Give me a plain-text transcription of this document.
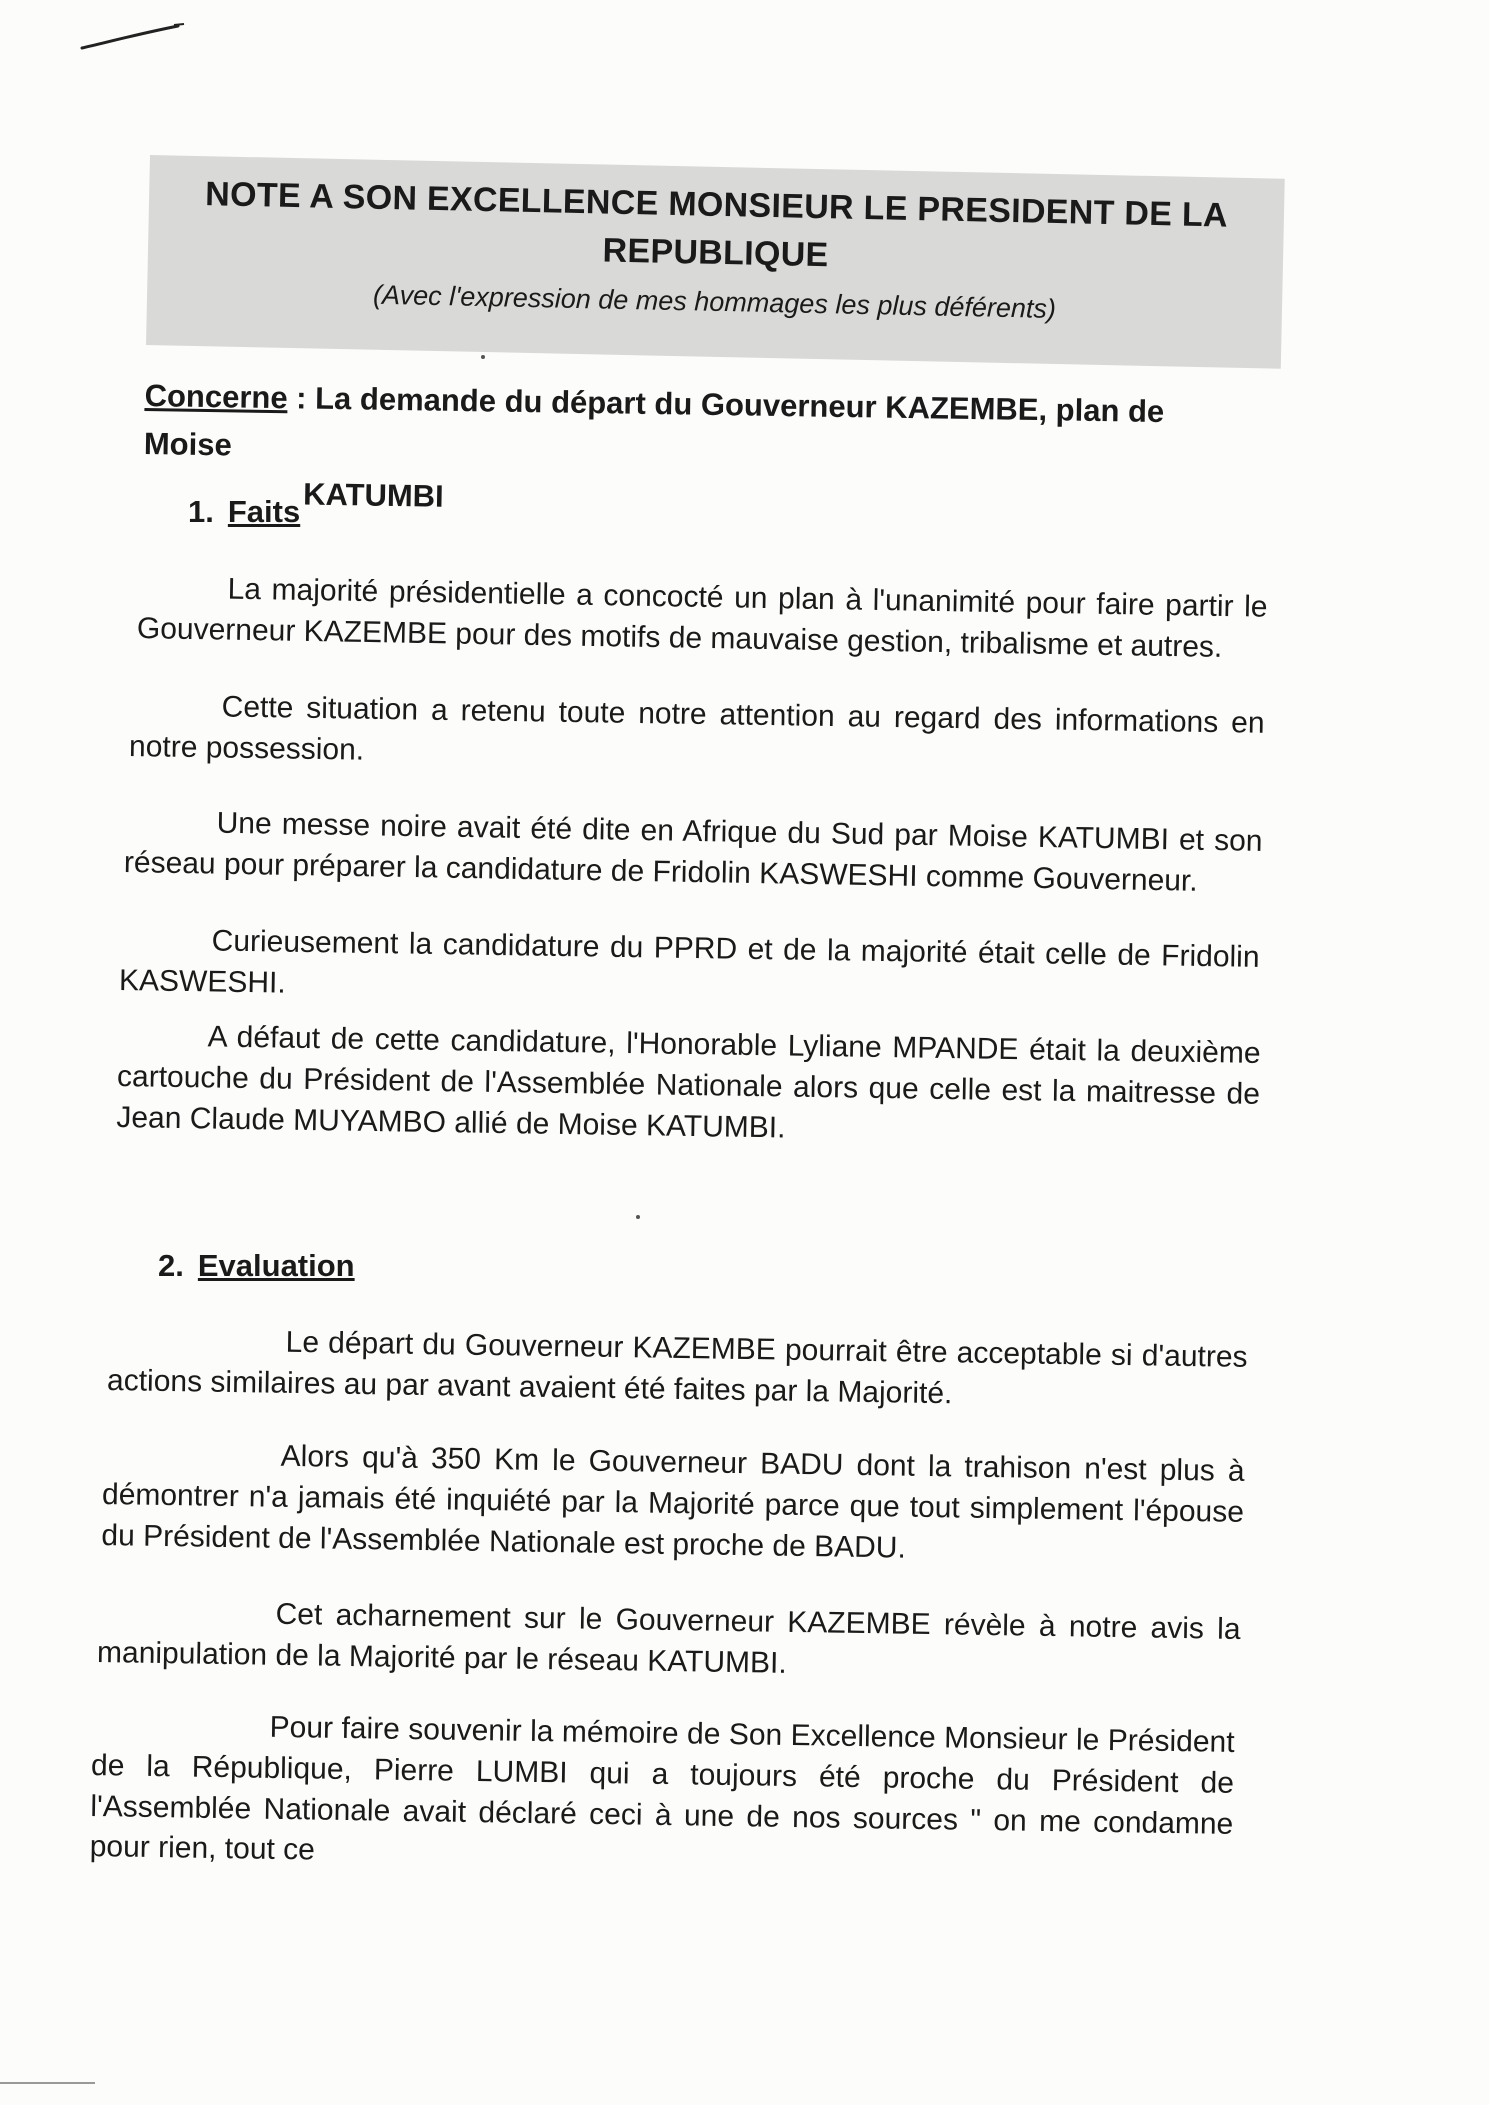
NOTE A SON EXCELLENCE MONSIEUR LE PRESIDENT DE LA
REPUBLIQUE
(Avec l'expression de mes hommages les plus déférents)
Concerne : La demande du départ du Gouverneur KAZEMBE, plan de Moise
KATUMBI
1. Faits
La majorité présidentielle a concocté un plan à l'unanimité pour faire partir le Gouverneur KAZEMBE pour des motifs de mauvaise gestion, tribalisme et autres.
Cette situation a retenu toute notre attention au regard des informations en notre possession.
Une messe noire avait été dite en Afrique du Sud par Moise KATUMBI et son réseau pour préparer la candidature de Fridolin KASWESHI comme Gouverneur.
Curieusement la candidature du PPRD et de la majorité était celle de Fridolin KASWESHI.
A défaut de cette candidature, l'Honorable Lyliane MPANDE était la deuxième cartouche du Président de l'Assemblée Nationale alors que celle est la maitresse de Jean Claude MUYAMBO allié de Moise KATUMBI.
2. Evaluation
Le départ du Gouverneur KAZEMBE pourrait être acceptable si d'autres actions similaires au par avant avaient été faites par la Majorité.
Alors qu'à 350 Km le Gouverneur BADU dont la trahison n'est plus à démontrer n'a jamais été inquiété par la Majorité parce que tout simplement l'épouse du Président de l'Assemblée Nationale est proche de BADU.
Cet acharnement sur le Gouverneur KAZEMBE révèle à notre avis la manipulation de la Majorité par le réseau KATUMBI.
Pour faire souvenir la mémoire de Son Excellence Monsieur le Président de la République, Pierre LUMBI qui a toujours été proche du Président de l'Assemblée Nationale avait déclaré ceci à une de nos sources " on me condamne pour rien, tout ce
